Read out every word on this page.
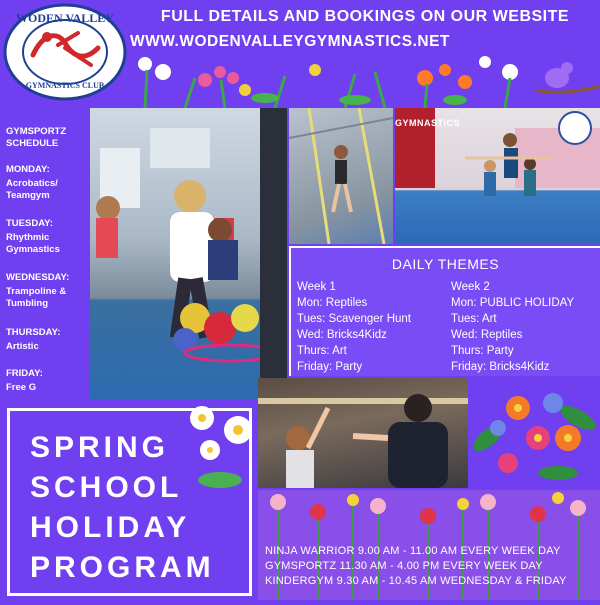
WODEN VALLEY
GYMNASTICS CLUB
FULL DETAILS AND BOOKINGS ON OUR WEBSITE
WWW.WODENVALLEYGYMNASTICS.NET
GYMSPORTZ SCHEDULE
MONDAY:
Acrobatics/ Teamgym
TUESDAY:
Rhythmic Gymnastics
WEDNESDAY:
Trampoline & Tumbling
THURSDAY:
Artistic
FRIDAY:
Free G
GYMNASTICS
DAILY THEMES
Week 1
Mon: Reptiles
Tues: Scavenger Hunt
Wed: Bricks4Kidz
Thurs: Art
Friday: Party
Week 2
Mon: PUBLIC HOLIDAY
Tues: Art
Wed: Reptiles
Thurs: Party
Friday: Bricks4Kidz
SPRING
SCHOOL
HOLIDAY
PROGRAM	NINJA WARRIOR 9.00 AM - 11.00 AM EVERY WEEK DAY
GYMSPORTZ 11.30 AM - 4.00 PM EVERY WEEK DAY
KINDERGYM 9.30 AM - 10.45 AM WEDNESDAY & FRIDAY
